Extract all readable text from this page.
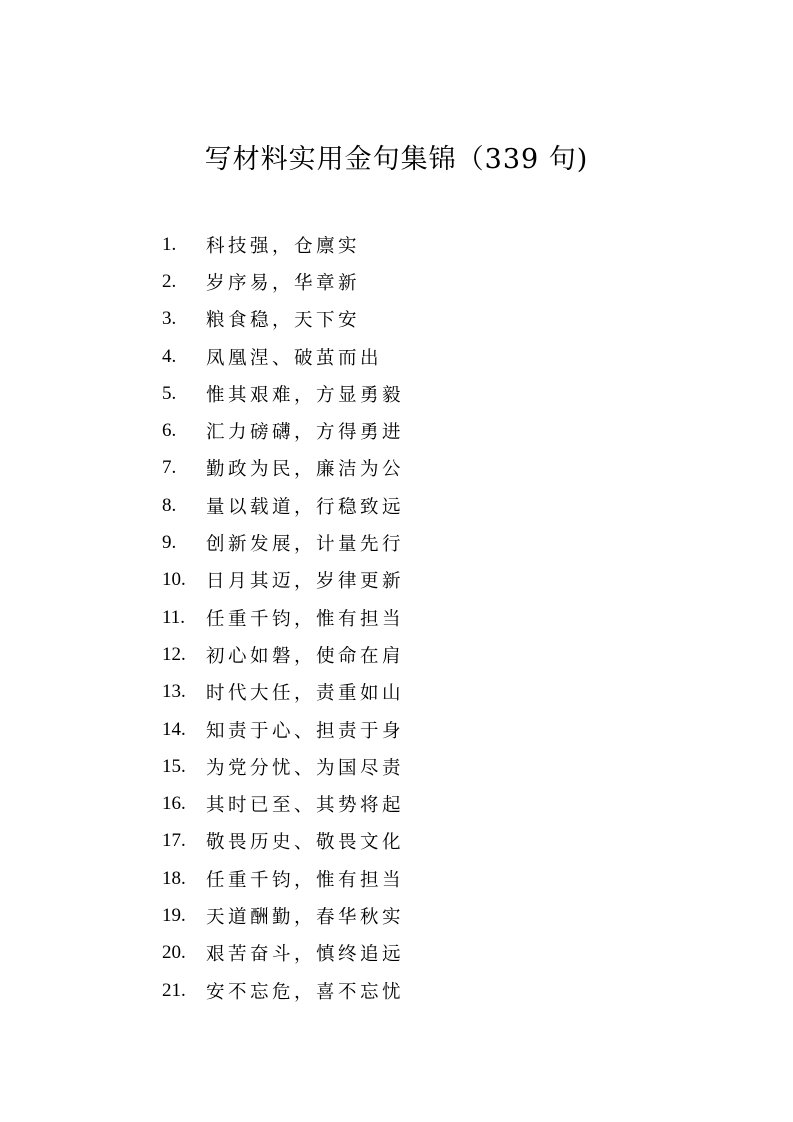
写材料实用金句集锦（339 句)
1.	科技强，仓廪实
2.	岁序易，华章新
3.	粮食稳，天下安
4.	凤凰涅、破茧而出
5.	惟其艰难，方显勇毅
6.	汇力磅礴，方得勇进
7.	勤政为民，廉洁为公
8.	量以载道，行稳致远
9.	创新发展，计量先行
10.	日月其迈，岁律更新
11.	任重千钧，惟有担当
12.	初心如磐，使命在肩
13.	时代大任，责重如山
14.	知责于心、担责于身
15.	为党分忧、为国尽责
16.	其时已至、其势将起
17.	敬畏历史、敬畏文化
18.	任重千钧，惟有担当
19.	天道酬勤，春华秋实
20.	艰苦奋斗，慎终追远
21.	安不忘危，喜不忘忧
